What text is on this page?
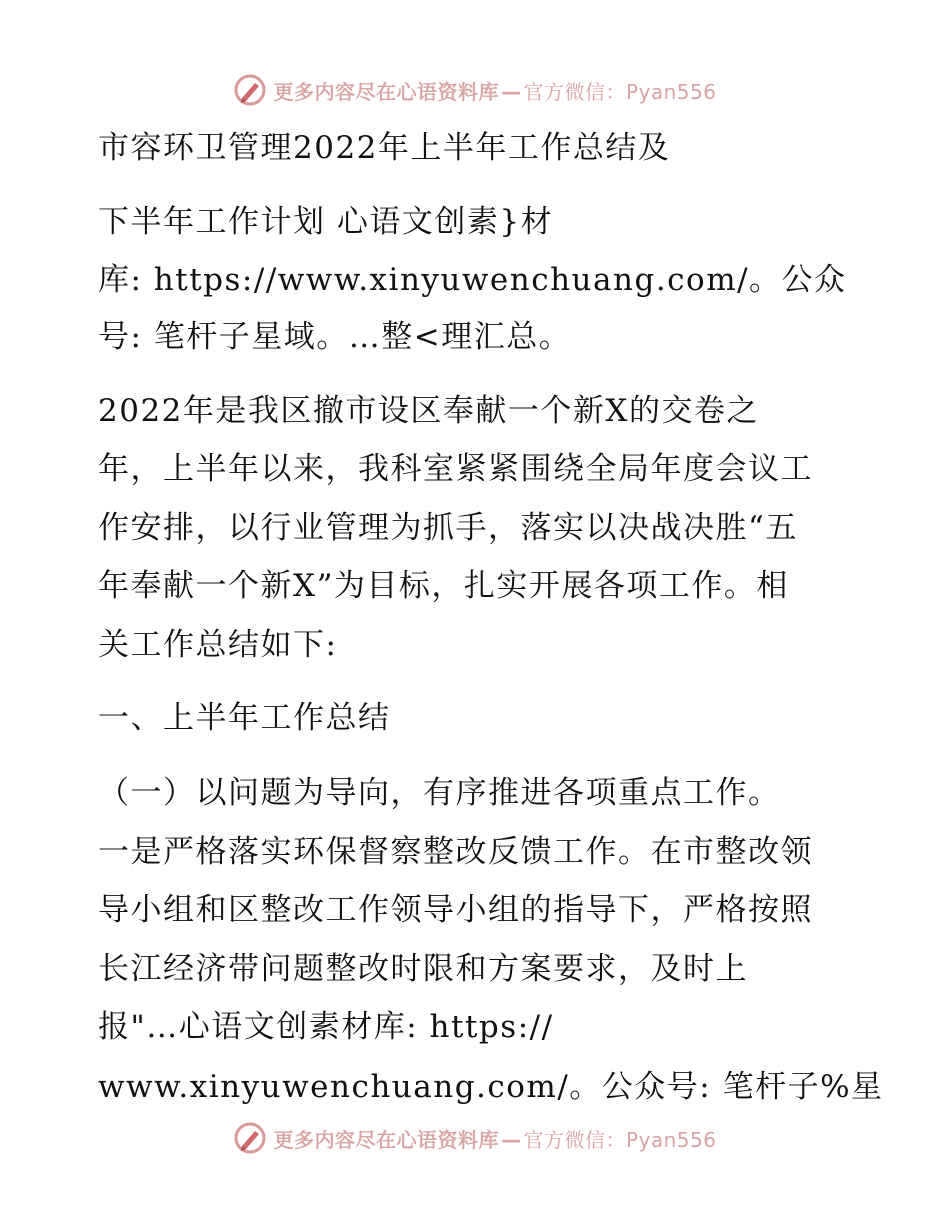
更多内容尽在心语资料库 — 官方微信：Pyan556
市容环卫管理2022年上半年工作总结及
下半年工作计划 心语文创素}材
库: https://www.xinyuwenchuang.com/。公众
号: 笔杆子星域。…整<理汇总。
2022年是我区撤市设区奉献一个新X的交卷之
年，上半年以来，我科室紧紧围绕全局年度会议工
作安排，以行业管理为抓手，落实以决战决胜“五
年奉献一个新X”为目标，扎实开展各项工作。相
关工作总结如下:
一、上半年工作总结
（一）以问题为导向，有序推进各项重点工作。
一是严格落实环保督察整改反馈工作。在市整改领
导小组和区整改工作领导小组的指导下，严格按照
长江经济带问题整改时限和方案要求，及时上
报"…心语文创素材库: https://
www.xinyuwenchuang.com/。公众号: 笔杆子%星
更多内容尽在心语资料库 — 官方微信：Pyan556
